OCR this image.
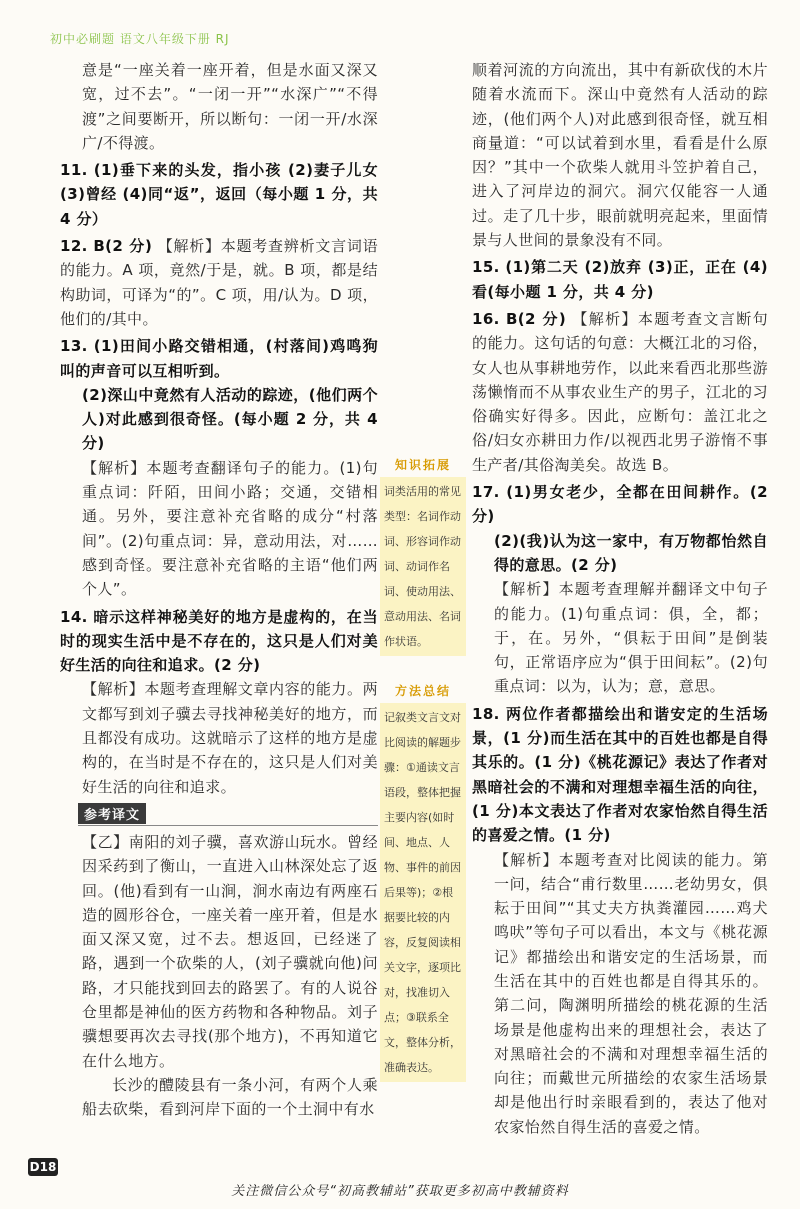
初中必刷题 语文八年级下册 RJ

意是“一座关着一座开着，但是水面又深又宽，过不去”。“一闭一开”“水深广”“不得渡”之间要断开，所以断句：一闭一开/水深广/不得渡。

11. (1)垂下来的头发，指小孩 (2)妻子儿女 (3)曾经 (4)同“返”，返回（每小题 1 分，共 4 分）

12. B(2 分) 【解析】本题考查辨析文言词语的能力。A 项，竟然/于是，就。B 项，都是结构助词，可译为“的”。C 项，用/认为。D 项，他们的/其中。

13. (1)田间小路交错相通，(村落间)鸡鸣狗叫的声音可以互相听到。

(2)深山中竟然有人活动的踪迹，(他们两个人)对此感到很奇怪。(每小题 2 分，共 4 分)

【解析】本题考查翻译句子的能力。(1)句重点词：阡陌，田间小路；交通，交错相通。另外，要注意补充省略的成分“村落间”。(2)句重点词：异，意动用法，对……感到奇怪。要注意补充省略的主语“他们两个人”。

14. 暗示这样神秘美好的地方是虚构的，在当时的现实生活中是不存在的，这只是人们对美好生活的向往和追求。(2 分)

【解析】本题考查理解文章内容的能力。两文都写到刘子骥去寻找神秘美好的地方，而且都没有成功。这就暗示了这样的地方是虚构的，在当时是不存在的，这只是人们对美好生活的向往和追求。

参考译文

【乙】南阳的刘子骥，喜欢游山玩水。曾经因采药到了衡山，一直进入山林深处忘了返回。(他)看到有一山涧，涧水南边有两座石造的圆形谷仓，一座关着一座开着，但是水面又深又宽，过不去。想返回，已经迷了路，遇到一个砍柴的人，(刘子骥就向他)问路，才只能找到回去的路罢了。有的人说谷仓里都是神仙的医方药物和各种物品。刘子骥想要再次去寻找(那个地方)，不再知道它在什么地方。

长沙的醴陵县有一条小河，有两个人乘船去砍柴，看到河岸下面的一个土洞中有水

知识拓展
词类活用的常见类型：名词作动词、形容词作动词、动词作名词、使动用法、意动用法、名词作状语。
方法总结
记叙类文言文对比阅读的解题步骤：①通读文言语段，整体把握主要内容(如时间、地点、人物、事件的前因后果等)；②根据要比较的内容，反复阅读相关文字，逐项比对，找准切入点；③联系全文，整体分析，准确表达。

顺着河流的方向流出，其中有新砍伐的木片随着水流而下。深山中竟然有人活动的踪迹，(他们两个人)对此感到很奇怪，就互相商量道：“可以试着到水里，看看是什么原因？”其中一个砍柴人就用斗笠护着自己，进入了河岸边的洞穴。洞穴仅能容一人通过。走了几十步，眼前就明亮起来，里面情景与人世间的景象没有不同。

15. (1)第二天 (2)放弃 (3)正，正在 (4)看(每小题 1 分，共 4 分)

16. B(2 分) 【解析】本题考查文言断句的能力。这句话的句意：大概江北的习俗，女人也从事耕地劳作，以此来看西北那些游荡懒惰而不从事农业生产的男子，江北的习俗确实好得多。因此，应断句：盖江北之俗/妇女亦耕田力作/以视西北男子游惰不事生产者/其俗淘美矣。故选 B。

17. (1)男女老少，全都在田间耕作。(2 分)

(2)(我)认为这一家中，有万物都怡然自得的意思。(2 分)

【解析】本题考查理解并翻译文中句子的能力。(1)句重点词：俱，全，都；于，在。另外，“俱耘于田间”是倒装句，正常语序应为“俱于田间耘”。(2)句重点词：以为，认为；意，意思。

18. 两位作者都描绘出和谐安定的生活场景，(1 分)而生活在其中的百姓也都是自得其乐的。(1 分)《桃花源记》表达了作者对黑暗社会的不满和对理想幸福生活的向往，(1 分)本文表达了作者对农家怡然自得生活的喜爱之情。(1 分)

【解析】本题考查对比阅读的能力。第一问，结合“甫行数里……老幼男女，俱耘于田间”“其丈夫方执粪灌园……鸡犬鸣吠”等句子可以看出，本文与《桃花源记》都描绘出和谐安定的生活场景，而生活在其中的百姓也都是自得其乐的。第二问，陶渊明所描绘的桃花源的生活场景是他虚构出来的理想社会，表达了对黑暗社会的不满和对理想幸福生活的向往；而戴世元所描绘的农家生活场景却是他出行时亲眼看到的，表达了他对农家怡然自得生活的喜爱之情。

D18
关注微信公众号“初高教辅站”获取更多初高中教辅资料
